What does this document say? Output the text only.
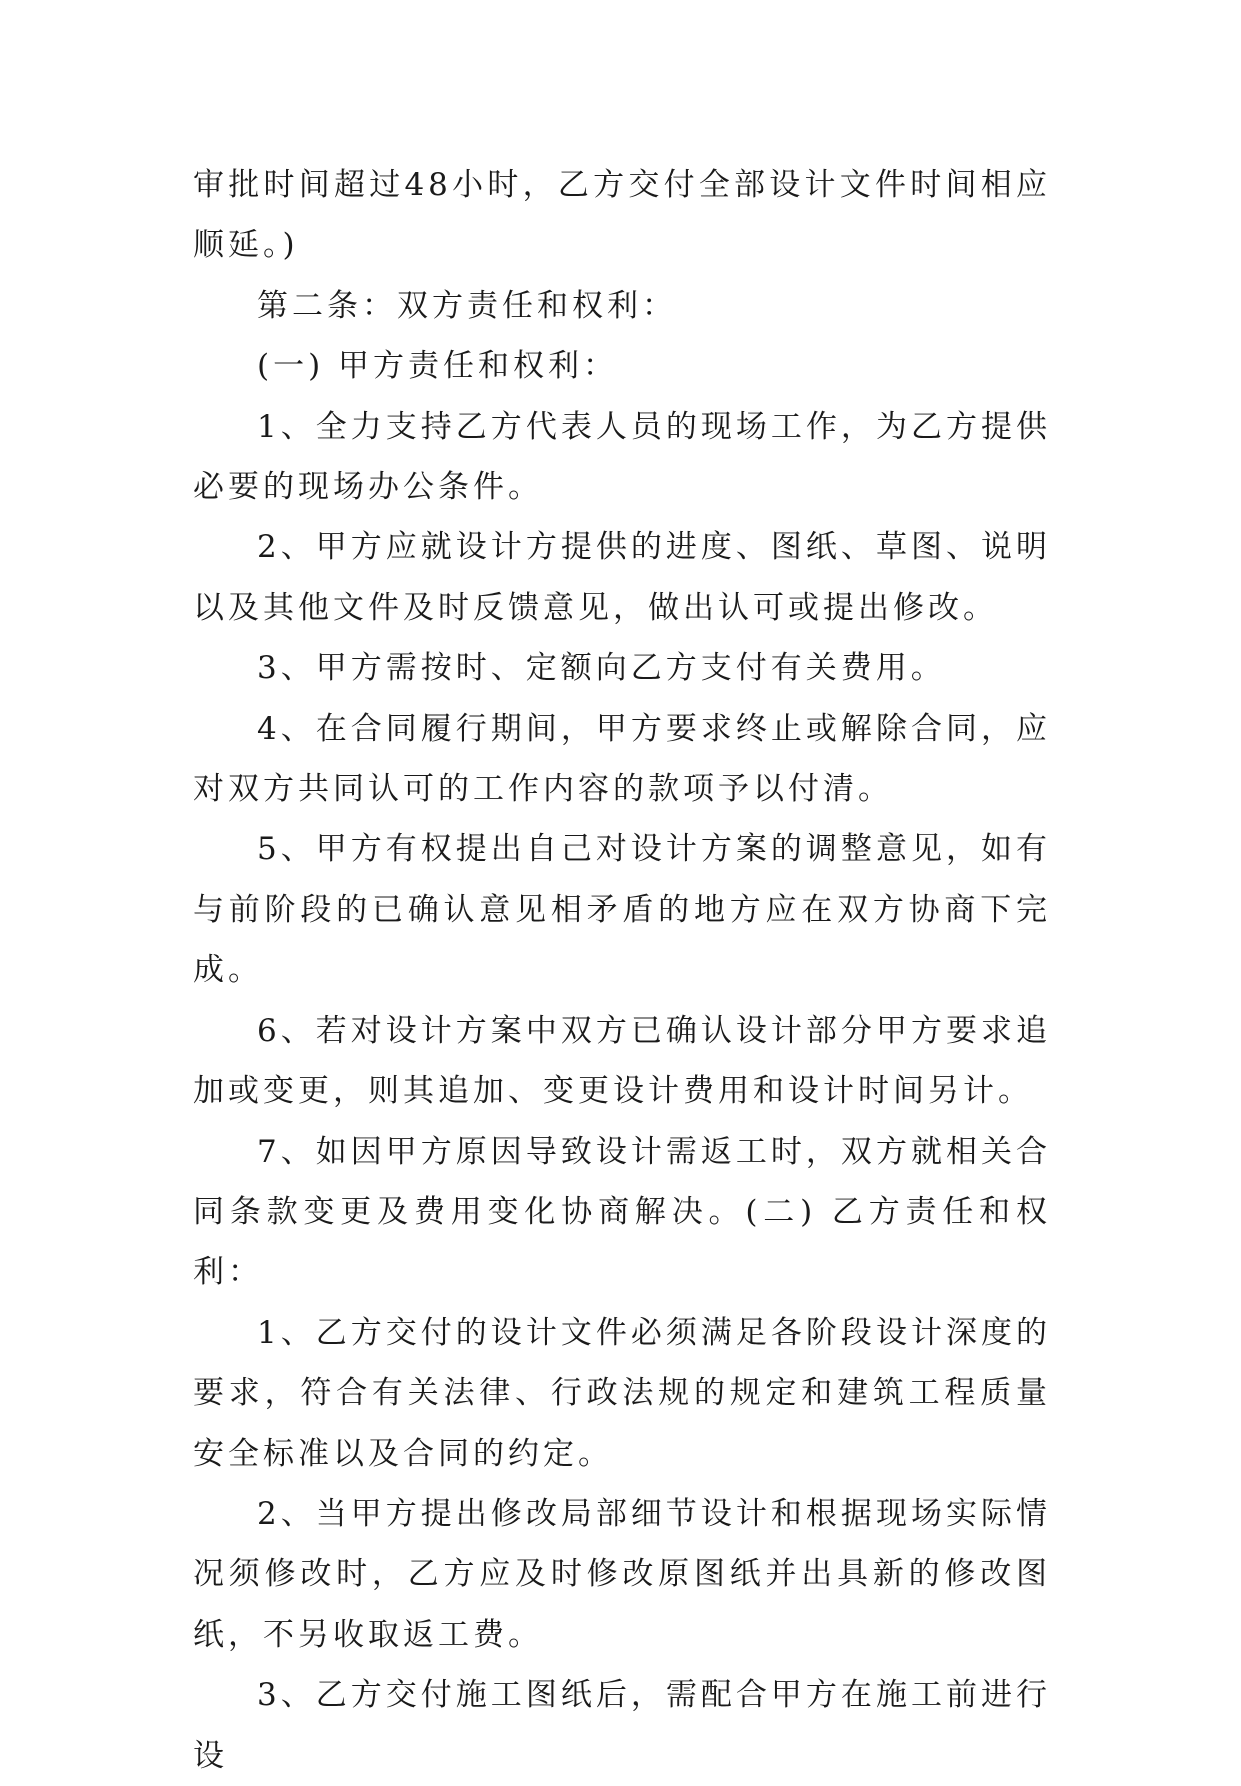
审批时间超过48小时，乙方交付全部设计文件时间相应顺延。)

第二条：双方责任和权利：

(一) 甲方责任和权利：

1、全力支持乙方代表人员的现场工作，为乙方提供必要的现场办公条件。

2、甲方应就设计方提供的进度、图纸、草图、说明以及其他文件及时反馈意见，做出认可或提出修改。

3、甲方需按时、定额向乙方支付有关费用。

4、在合同履行期间，甲方要求终止或解除合同，应对双方共同认可的工作内容的款项予以付清。

5、甲方有权提出自己对设计方案的调整意见，如有与前阶段的已确认意见相矛盾的地方应在双方协商下完成。

6、若对设计方案中双方已确认设计部分甲方要求追加或变更，则其追加、变更设计费用和设计时间另计。

7、如因甲方原因导致设计需返工时，双方就相关合同条款变更及费用变化协商解决。(二) 乙方责任和权利：

1、乙方交付的设计文件必须满足各阶段设计深度的要求，符合有关法律、行政法规的规定和建筑工程质量安全标准以及合同的约定。

2、当甲方提出修改局部细节设计和根据现场实际情况须修改时，乙方应及时修改原图纸并出具新的修改图纸，不另收取返工费。

3、乙方交付施工图纸后，需配合甲方在施工前进行设
